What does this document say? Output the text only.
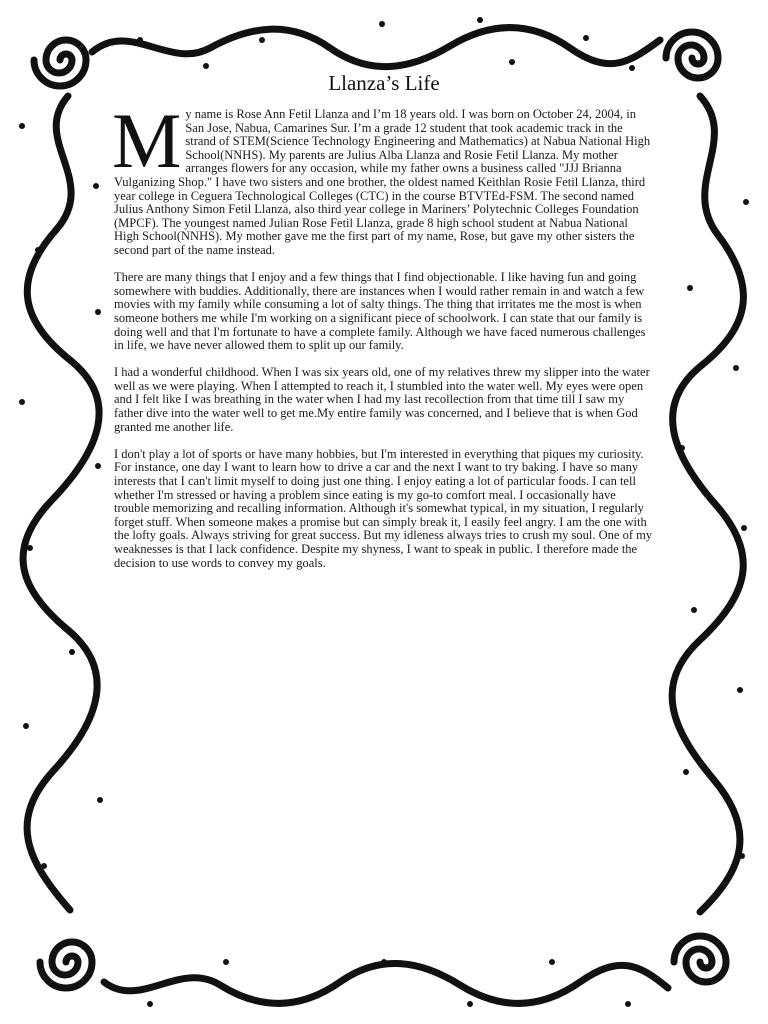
Llanza’s Life

My name is Rose Ann Fetil Llanza and I’m 18 years old. I was born on October 24, 2004, in San Jose, Nabua, Camarines Sur. I’m a grade 12 student that took academic track in the strand of STEM(Science Technology Engineering and Mathematics) at Nabua National High School(NNHS). My parents are Julius Alba Llanza and Rosie Fetil Llanza. My mother arranges flowers for any occasion, while my father owns a business called "JJJ Brianna Vulganizing Shop." I have two sisters and one brother, the oldest named Keithlan Rosie Fetil Llanza, third year college in Ceguera Technological Colleges (CTC) in the course BTVTEd-FSM. The second named Julius Anthony Simon Fetil Llanza, also third year college in Mariners’ Polytechnic Colleges Foundation (MPCF). The youngest named Julian Rose Fetil Llanza, grade 8 high school student at Nabua National High School(NNHS). My mother gave me the first part of my name, Rose, but gave my other sisters the second part of the name instead.

There are many things that I enjoy and a few things that I find objectionable. I like having fun and going somewhere with buddies. Additionally, there are instances when I would rather remain in and watch a few movies with my family while consuming a lot of salty things. The thing that irritates me the most is when someone bothers me while I'm working on a significant piece of schoolwork. I can state that our family is doing well and that I'm fortunate to have a complete family. Although we have faced numerous challenges in life, we have never allowed them to split up our family.

I had a wonderful childhood. When I was six years old, one of my relatives threw my slipper into the water well as we were playing. When I attempted to reach it, I stumbled into the water well. My eyes were open and I felt like I was breathing in the water when I had my last recollection from that time till I saw my father dive into the water well to get me.My entire family was concerned, and I believe that is when God granted me another life.

I don't play a lot of sports or have many hobbies, but I'm interested in everything that piques my curiosity. For instance, one day I want to learn how to drive a car and the next I want to try baking. I have so many interests that I can't limit myself to doing just one thing. I enjoy eating a lot of particular foods. I can tell whether I'm stressed or having a problem since eating is my go-to comfort meal. I occasionally have trouble memorizing and recalling information. Although it's somewhat typical, in my situation, I regularly forget stuff. When someone makes a promise but can simply break it, I easily feel angry. I am the one with the lofty goals. Always striving for great success. But my idleness always tries to crush my soul. One of my weaknesses is that I lack confidence. Despite my shyness, I want to speak in public. I therefore made the decision to use words to convey my goals.
